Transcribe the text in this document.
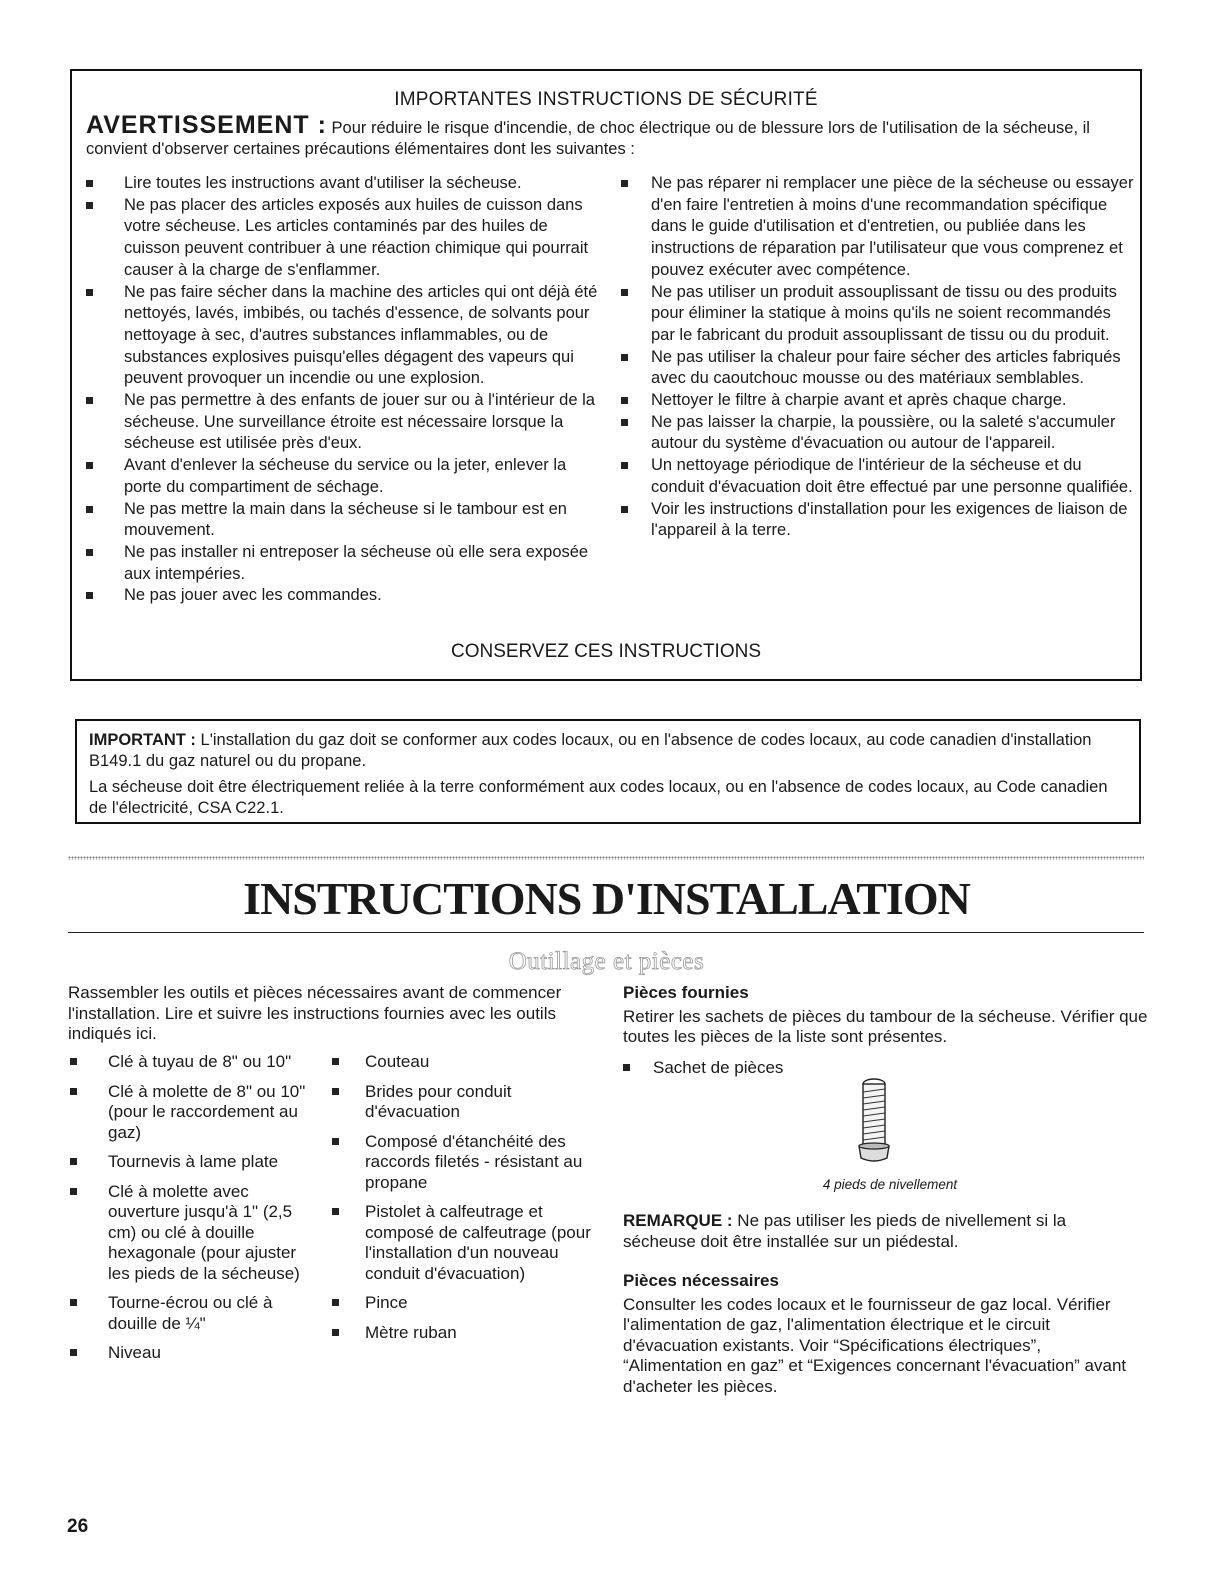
IMPORTANTES INSTRUCTIONS DE SÉCURITÉ
AVERTISSEMENT : Pour réduire le risque d'incendie, de choc électrique ou de blessure lors de l'utilisation de la sécheuse, il convient d'observer certaines précautions élémentaires dont les suivantes :
Lire toutes les instructions avant d'utiliser la sécheuse.
Ne pas placer des articles exposés aux huiles de cuisson dans votre sécheuse. Les articles contaminés par des huiles de cuisson peuvent contribuer à une réaction chimique qui pourrait causer à la charge de s'enflammer.
Ne pas faire sécher dans la machine des articles qui ont déjà été nettoyés, lavés, imbibés, ou tachés d'essence, de solvants pour nettoyage à sec, d'autres substances inflammables, ou de substances explosives puisqu'elles dégagent des vapeurs qui peuvent provoquer un incendie ou une explosion.
Ne pas permettre à des enfants de jouer sur ou à l'intérieur de la sécheuse. Une surveillance étroite est nécessaire lorsque la sécheuse est utilisée près d'eux.
Avant d'enlever la sécheuse du service ou la jeter, enlever la porte du compartiment de séchage.
Ne pas mettre la main dans la sécheuse si le tambour est en mouvement.
Ne pas installer ni entreposer la sécheuse où elle sera exposée aux intempéries.
Ne pas jouer avec les commandes.
Ne pas réparer ni remplacer une pièce de la sécheuse ou essayer d'en faire l'entretien à moins d'une recommandation spécifique dans le guide d'utilisation et d'entretien, ou publiée dans les instructions de réparation par l'utilisateur que vous comprenez et pouvez exécuter avec compétence.
Ne pas utiliser un produit assouplissant de tissu ou des produits pour éliminer la statique à moins qu'ils ne soient recommandés par le fabricant du produit assouplissant de tissu ou du produit.
Ne pas utiliser la chaleur pour faire sécher des articles fabriqués avec du caoutchouc mousse ou des matériaux semblables.
Nettoyer le filtre à charpie avant et après chaque charge.
Ne pas laisser la charpie, la poussière, ou la saleté s'accumuler autour du système d'évacuation ou autour de l'appareil.
Un nettoyage périodique de l'intérieur de la sécheuse et du conduit d'évacuation doit être effectué par une personne qualifiée.
Voir les instructions d'installation pour les exigences de liaison de l'appareil à la terre.
CONSERVEZ CES INSTRUCTIONS

IMPORTANT : L'installation du gaz doit se conformer aux codes locaux, ou en l'absence de codes locaux, au code canadien d'installation B149.1 du gaz naturel ou du propane.

La sécheuse doit être électriquement reliée à la terre conformément aux codes locaux, ou en l'absence de codes locaux, au Code canadien de l'électricité, CSA C22.1.

INSTRUCTIONS D'INSTALLATION
Outillage et pièces
Rassembler les outils et pièces nécessaires avant de commencer l'installation. Lire et suivre les instructions fournies avec les outils indiqués ici.
Clé à tuyau de 8" ou 10"
Clé à molette de 8" ou 10" (pour le raccordement au gaz)
Tournevis à lame plate
Clé à molette avec ouverture jusqu'à 1" (2,5 cm) ou clé à douille hexagonale (pour ajuster les pieds de la sécheuse)
Tourne-écrou ou clé à douille de ¼"
Niveau
Couteau
Brides pour conduit d'évacuation
Composé d'étanchéité des raccords filetés - résistant au propane
Pistolet à calfeutrage et composé de calfeutrage (pour l'installation d'un nouveau conduit d'évacuation)
Pince
Mètre ruban
Pièces fournies
Retirer les sachets de pièces du tambour de la sécheuse. Vérifier que toutes les pièces de la liste sont présentes.
Sachet de pièces
4 pieds de nivellement
REMARQUE : Ne pas utiliser les pieds de nivellement si la sécheuse doit être installée sur un piédestal.
Pièces nécessaires
Consulter les codes locaux et le fournisseur de gaz local. Vérifier l'alimentation de gaz, l'alimentation électrique et le circuit d'évacuation existants. Voir “Spécifications électriques”, “Alimentation en gaz” et “Exigences concernant l'évacuation” avant d'acheter les pièces.
26
